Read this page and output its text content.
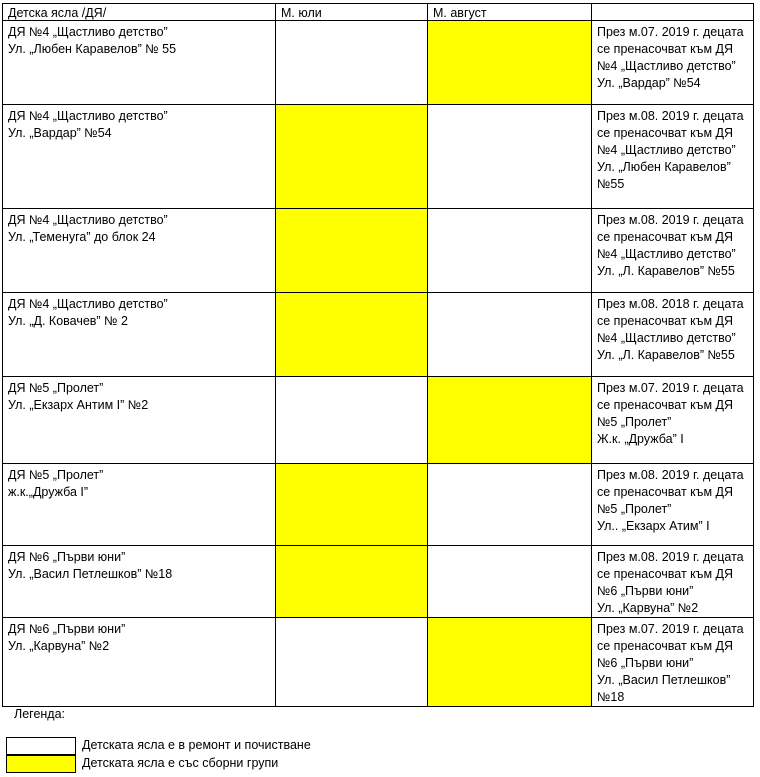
Детска ясла /ДЯ/	М. юли	М. август	

ДЯ №4 „Щастливо детство”
Ул. „Любен Каравелов” № 55			През м.07. 2019 г. децата
се пренасочват към ДЯ
№4 „Щастливо детство”
Ул. „Вардар” №54

ДЯ №4 „Щастливо детство”
Ул. „Вардар” №54			През м.08. 2019 г. децата
се пренасочват към ДЯ
№4 „Щастливо детство”
Ул. „Любен Каравелов”
№55

ДЯ №4 „Щастливо детство”
Ул. „Теменуга” до блок 24			През м.08. 2019 г. децата
се пренасочват към ДЯ
№4 „Щастливо детство”
Ул. „Л. Каравелов” №55

ДЯ №4 „Щастливо детство”
Ул. „Д. Ковачев” № 2			През м.08. 2018 г. децата
се пренасочват към ДЯ
№4 „Щастливо детство”
Ул. „Л. Каравелов” №55

ДЯ №5 „Пролет”
Ул. „Екзарх Антим I” №2			През м.07. 2019 г. децата
се пренасочват към ДЯ
№5 „Пролет”
Ж.к. „Дружба” I

ДЯ №5 „Пролет”
ж.к.„Дружба I”			През м.08. 2019 г. децата
се пренасочват към ДЯ
№5 „Пролет”
Ул.. „Екзарх Атим” I

ДЯ №6 „Първи юни”
Ул. „Васил Петлешков” №18			През м.08. 2019 г. децата
се пренасочват към ДЯ
№6 „Първи юни”
Ул. „Карвуна” №2

ДЯ №6 „Първи юни”
Ул. „Карвуна” №2			През м.07. 2019 г. децата
се пренасочват към ДЯ
№6 „Първи юни”
Ул. „Васил Петлешков”
№18
Легенда:
Детската ясла е в ремонт и почистване
Детската ясла е със сборни групи
